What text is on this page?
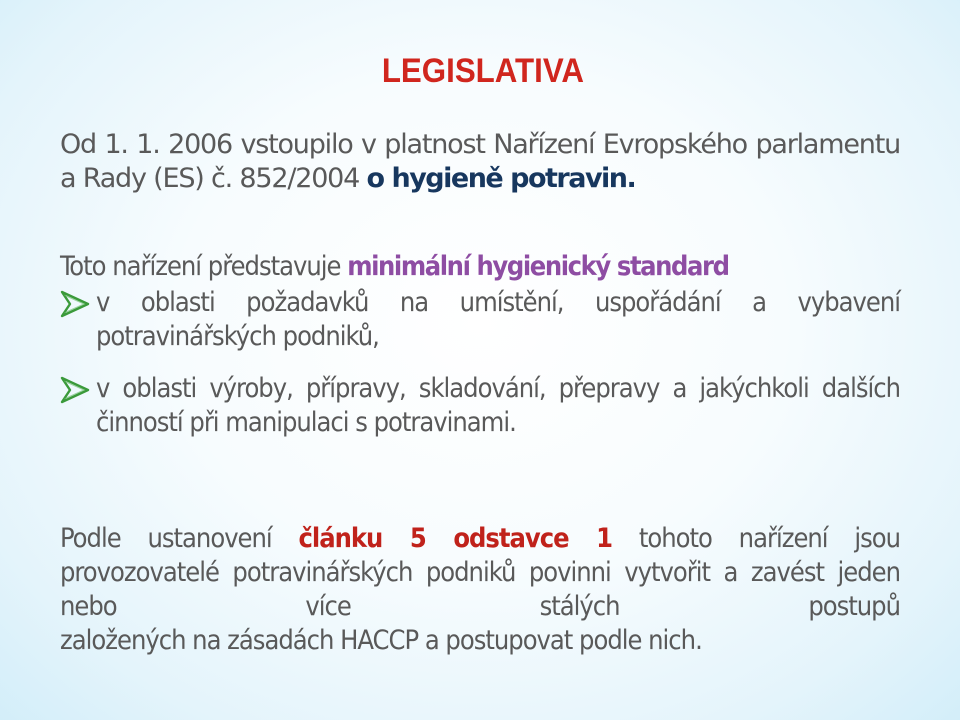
LEGISLATIVA
Od 1. 1. 2006 vstoupilo v platnost Nařízení Evropského parlamentu a Rady (ES) č. 852/2004 o hygieně potravin.
Toto nařízení představuje minimální hygienický standard
v oblasti požadavků na umístění, uspořádání a vybavení potravinářských podniků,
v oblasti výroby, přípravy, skladování, přepravy a jakýchkoli dalších činností při manipulaci s potravinami.
Podle ustanovení článku 5 odstavce 1 tohoto nařízení jsou provozovatelé potravinářských podniků povinni vytvořit a zavést jeden nebo více stálých postupů
založených na zásadách HACCP a postupovat podle nich.
